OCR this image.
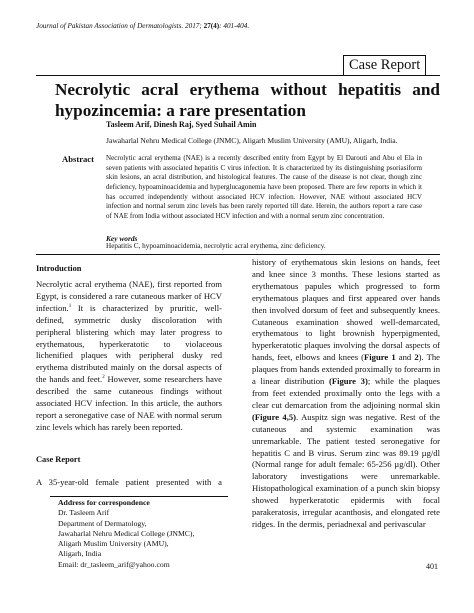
Journal of Pakistan Association of Dermatologists. 2017; 27(4): 401-404.
Case Report
Necrolytic acral erythema without hepatitis and hypozincemia: a rare presentation
Tasleem Arif, Dinesh Raj, Syed Suhail Amin
Jawaharlal Nehru Medical College (JNMC), Aligarh Muslim University (AMU), Aligarh, India.
Abstract Necrolytic acral erythema (NAE) is a recently described entity from Egypt by El Darouti and Abu el Ela in seven patients with associated hepatitis C virus infection. It is characterized by its distinguishing psoriasiform skin lesions, an acral distribution, and histological features. The cause of the disease is not clear, though zinc deficiency, hypoaminoacidemia and hyperglucagonemia have been proposed. There are few reports in which it has occurred independently without associated HCV infection. However, NAE without associated HCV infection and normal serum zinc levels has been rarely reported till date. Herein, the authors report a rare case of NAE from India without associated HCV infection and with a normal serum zinc concentration.
Key words
Hepatitis C, hypoaminoacidemia, necrolytic acral erythema, zinc deficiency.
Introduction

Necrolytic acral erythema (NAE), first reported from Egypt, is considered a rare cutaneous marker of HCV infection.$^1$ It is characterized by pruritic, well-defined, symmetric dusky discoloration with peripheral blistering which may later progress to erythematous, hyperkeratotic to violaceous lichenified plaques with peripheral dusky red erythema distributed mainly on the dorsal aspects of the hands and feet.$^2$ However, some researchers have described the same cutaneous findings without associated HCV infection. In this article, the authors report a seronegative case of NAE with normal serum zinc levels which has rarely been reported.

Case Report

A 35-year-old female patient presented with a

Address for correspondence
Dr. Tasleem Arif
Department of Dermatology,
Jawaharlal Nehru Medical College (JNMC),
Aligarh Muslim University (AMU),
Aligarh, India
Email: dr_tasleem_arif@yahoo.com

history of erythematous skin lesions on hands, feet and knee since 3 months. These lesions started as erythematous papules which progressed to form erythematous plaques and first appeared over hands then involved dorsum of feet and subsequently knees. Cutaneous examination showed well-demarcated, erythematous to light brownish hyperpigmented, hyperkeratotic plaques involving the dorsal aspects of hands, feet, elbows and knees (Figure 1 and 2). The plaques from hands extended proximally to forearm in a linear distribution (Figure 3); while the plaques from feet extended proximally onto the legs with a clear cut demarcation from the adjoining normal skin (Figure 4,5). Auspitz sign was negative. Rest of the cutaneous and systemic examination was unremarkable. The patient tested seronegative for hepatitis C and B virus. Serum zinc was 89.19 µg/dl (Normal range for adult female: 65-256 µg/dl). Other laboratory investigations were unremarkable. Histopathological examination of a punch skin biopsy showed hyperkeratotic epidermis with focal parakeratosis, irregular acanthosis, and elongated rete ridges. In the dermis, periadnexal and perivascular

401
